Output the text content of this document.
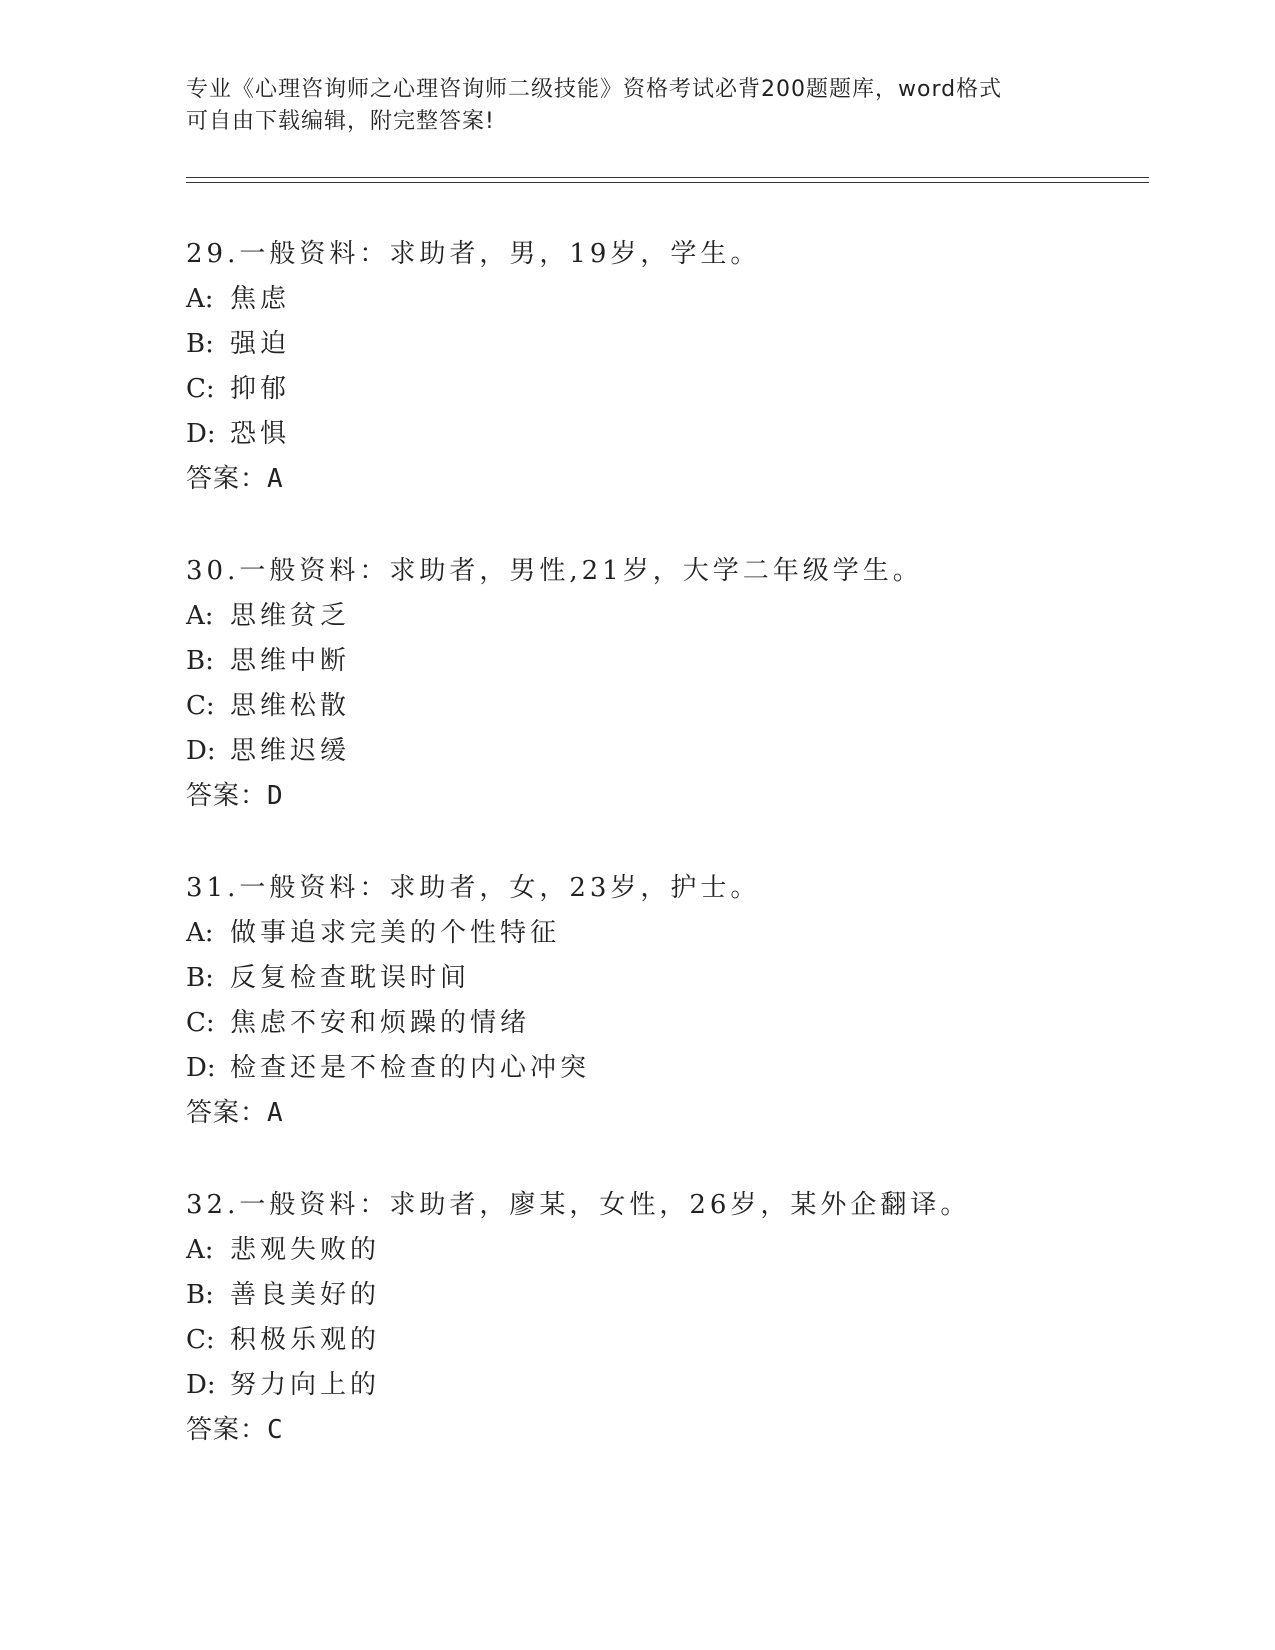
专业《心理咨询师之心理咨询师二级技能》资格考试必背200题题库，word格式

可自由下载编辑，附完整答案!

29.一般资料：求助者，男，19岁，学生。
A: 焦虑
B: 强迫
C: 抑郁
D: 恐惧
答案：A
30.一般资料：求助者，男性,21岁，大学二年级学生。
A: 思维贫乏
B: 思维中断
C: 思维松散
D: 思维迟缓
答案：D
31.一般资料：求助者，女，23岁，护士。
A: 做事追求完美的个性特征
B: 反复检查耽误时间
C: 焦虑不安和烦躁的情绪
D: 检查还是不检查的内心冲突
答案：A
32.一般资料：求助者，廖某，女性，26岁，某外企翻译。
A: 悲观失败的
B: 善良美好的
C: 积极乐观的
D: 努力向上的
答案：C
